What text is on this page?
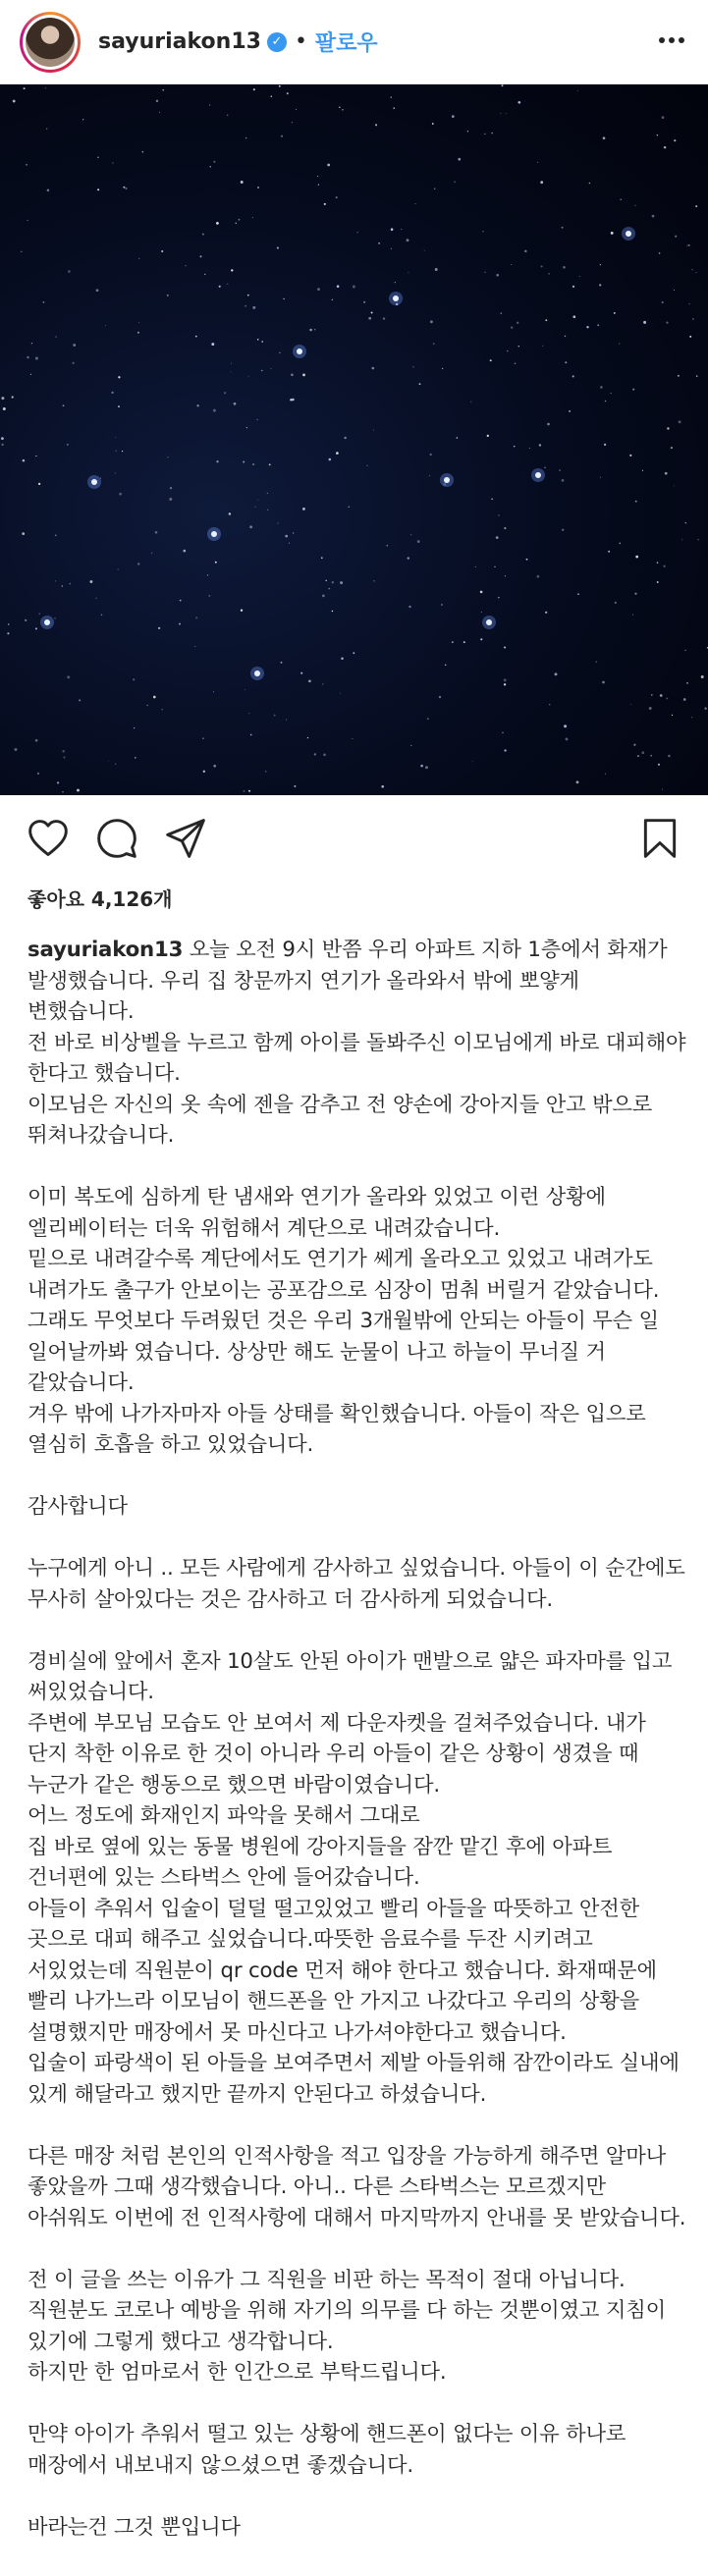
sayuriakon13 ✓ • 팔로우
좋아요 4,126개
sayuriakon13 오늘 오전 9시 반쯤 우리 아파트 지하 1층에서 화재가 발생했습니다. 우리 집 창문까지 연기가 올라와서 밖에 뽀얗게 변했습니다.
전 바로 비상벨을 누르고 함께 아이를 돌봐주신 이모님에게 바로 대피해야 한다고 했습니다.
이모님은 자신의 옷 속에 젠을 감추고 전 양손에 강아지들 안고 밖으로 뛰쳐나갔습니다.

이미 복도에 심하게 탄 냄새와 연기가 올라와 있었고 이런 상황에 엘리베이터는 더욱 위험해서 계단으로 내려갔습니다.
밑으로 내려갈수록 계단에서도 연기가 쎄게 올라오고 있었고 내려가도 내려가도 출구가 안보이는 공포감으로 심장이 멈춰 버릴거 같았습니다.
그래도 무엇보다 두려웠던 것은 우리 3개월밖에 안되는 아들이 무슨 일 일어날까봐 였습니다. 상상만 해도 눈물이 나고 하늘이 무너질 거 같았습니다.
겨우 밖에 나가자마자 아들 상태를 확인했습니다. 아들이 작은 입으로 열심히 호흡을 하고 있었습니다.

감사합니다

누구에게 아니 .. 모든 사람에게 감사하고 싶었습니다. 아들이 이 순간에도 무사히 살아있다는 것은 감사하고 더 감사하게 되었습니다.

경비실에 앞에서 혼자 10살도 안된 아이가 맨발으로 얇은 파자마를 입고 써있었습니다.
주변에 부모님 모습도 안 보여서 제 다운자켓을 걸쳐주었습니다. 내가 단지 착한 이유로 한 것이 아니라 우리 아들이 같은 상황이 생겼을 때 누군가 같은 행동으로 했으면 바람이였습니다.
어느 정도에 화재인지 파악을 못해서 그대로
집 바로 옆에 있는 동물 병원에 강아지들을 잠깐 맡긴 후에 아파트 건너편에 있는 스타벅스 안에 들어갔습니다.
아들이 추워서 입술이 덜덜 떨고있었고 빨리 아들을 따뜻하고 안전한 곳으로 대피 해주고 싶었습니다.따뜻한 음료수를 두잔 시키려고 서있었는데 직원분이 qr code 먼저 해야 한다고 했습니다. 화재때문에 빨리 나가느라 이모님이 핸드폰을 안 가지고 나갔다고 우리의 상황을 설명했지만 매장에서 못 마신다고 나가셔야한다고 했습니다.
입술이 파랑색이 된 아들을 보여주면서 제발 아들위해 잠깐이라도 실내에 있게 해달라고 했지만 끝까지 안된다고 하셨습니다.

다른 매장 처럼 본인의 인적사항을 적고 입장을 가능하게 해주면 알마나 좋았을까 그때 생각했습니다. 아니.. 다른 스타벅스는 모르겠지만 아쉬워도 이번에 전 인적사항에 대해서 마지막까지 안내를 못 받았습니다.

전 이 글을 쓰는 이유가 그 직원을 비판 하는 목적이 절대 아닙니다.
직원분도 코로나 예방을 위해 자기의 의무를 다 하는 것뿐이였고 지침이 있기에 그렇게 했다고 생각합니다.
하지만 한 엄마로서 한 인간으로 부탁드립니다.

만약 아이가 추워서 떨고 있는 상황에 핸드폰이 없다는 이유 하나로 매장에서 내보내지 않으셨으면 좋겠습니다.

바라는건 그것 뿐입니다
